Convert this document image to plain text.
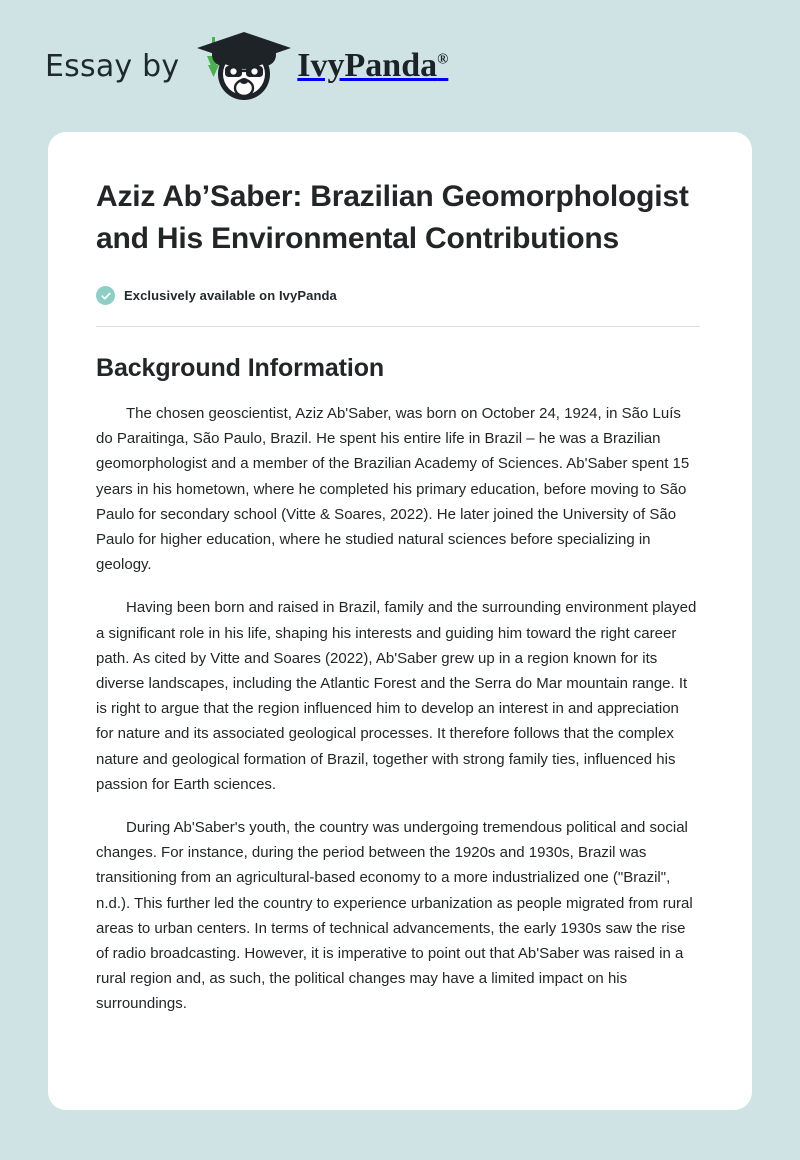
Essay by	IvyPanda®
Aziz Ab’Saber: Brazilian Geomorphologist and His Environmental Contributions
Exclusively available on IvyPanda
Background Information

The chosen geoscientist, Aziz Ab'Saber, was born on October 24, 1924, in São Luís do Paraitinga, São Paulo, Brazil. He spent his entire life in Brazil – he was a Brazilian geomorphologist and a member of the Brazilian Academy of Sciences. Ab'Saber spent 15 years in his hometown, where he completed his primary education, before moving to São Paulo for secondary school (Vitte & Soares, 2022). He later joined the University of São Paulo for higher education, where he studied natural sciences before specializing in geology.

Having been born and raised in Brazil, family and the surrounding environment played a significant role in his life, shaping his interests and guiding him toward the right career path. As cited by Vitte and Soares (2022), Ab'Saber grew up in a region known for its diverse landscapes, including the Atlantic Forest and the Serra do Mar mountain range. It is right to argue that the region influenced him to develop an interest in and appreciation for nature and its associated geological processes. It therefore follows that the complex nature and geological formation of Brazil, together with strong family ties, influenced his passion for Earth sciences.

During Ab'Saber's youth, the country was undergoing tremendous political and social changes. For instance, during the period between the 1920s and 1930s, Brazil was transitioning from an agricultural-based economy to a more industrialized one ("Brazil", n.d.). This further led the country to experience urbanization as people migrated from rural areas to urban centers. In terms of technical advancements, the early 1930s saw the rise of radio broadcasting. However, it is imperative to point out that Ab'Saber was raised in a rural region and, as such, the political changes may have a limited impact on his surroundings.
